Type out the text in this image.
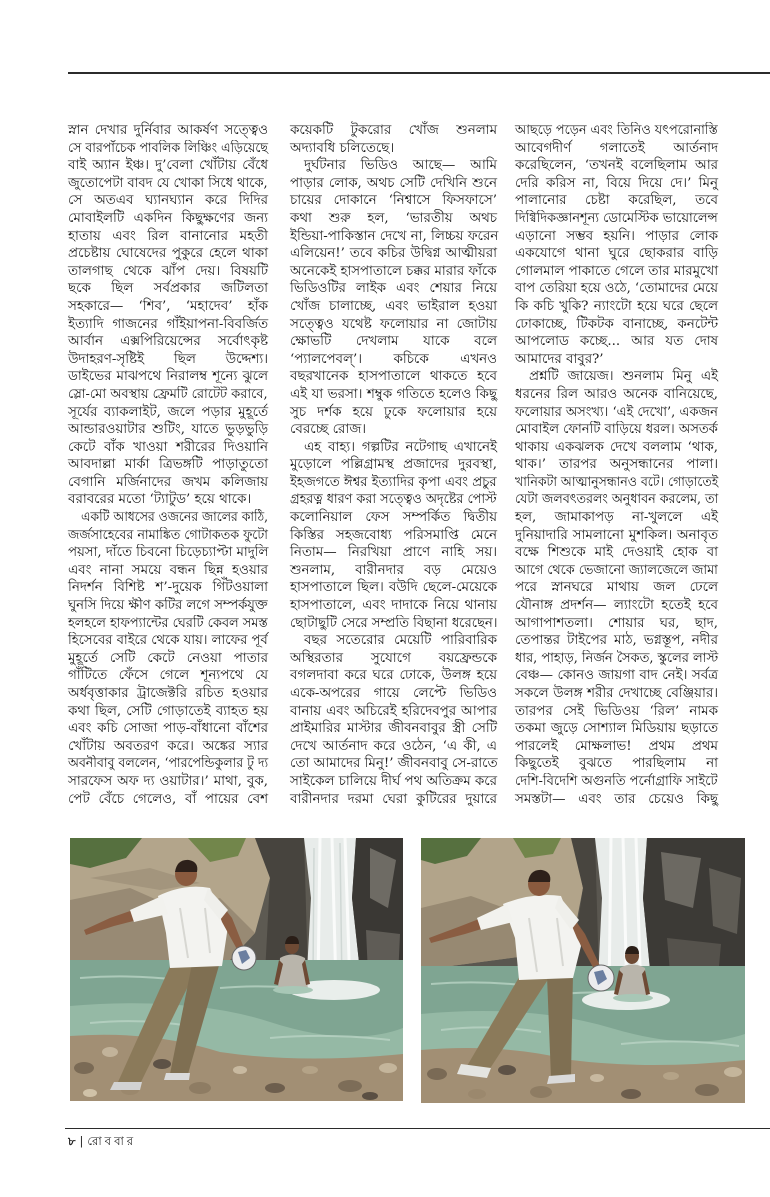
স্নান দেখার দুর্নিবার আকর্ষণ সত্ত্বেও
সে বারপাঁচেক পাবলিক লিঞ্চিং এড়িয়েছে
বাই অ্যান ইঞ্চ। দু’বেলা খোঁটায় বেঁধে
জুতোপেটা বাবদ যে খোকা সিধে থাকে,
সে অতএব ঘ্যানঘ্যান করে দিদির
মোবাইলটি একদিন কিছুক্ষণের জন্য
হাতায় এবং রিল বানানোর মহতী
প্রচেষ্টায় ঘোষেদের পুকুরে হেলে থাকা
তালগাছ থেকে ঝাঁপ দেয়। বিষয়টি
ছকে ছিল সর্বপ্রকার জটিলতা
সহকারে— ‘শিব’, ‘মহাদেব’ হাঁক
ইত্যাদি গাজনের গাঁইয়াপনা-বিবর্জিত
আর্বান এক্সপিরিয়েন্সের সর্বোৎকৃষ্ট
উদাহরণ-সৃষ্টিই ছিল উদ্দেশ্য।
ডাইভের মাঝপথে নিরালম্ব শূন্যে ঝুলে
স্লো-মো অবস্থায় ফ্রেমটি রোটেট করাবে,
সূর্যের ব্যাকলাইট, জলে পড়ার মুহূর্তে
আন্ডারওয়াটার শুটিং, যাতে ভুড়ভুড়ি
কেটে বাঁক খাওয়া শরীরের দিওয়ানি
আবদাল্লা মার্কা ত্রিভঙ্গটি পাড়াতুতো
বেগানি মর্জিনাদের জখম কলিজায়
বরাবরের মতো ‘ট্যাটুড’ হয়ে থাকে।
একটি আধসের ওজনের জালের কাঠি,
জর্জসাহেবের নামাঙ্কিত গোটাকতক ফুটো
পয়সা, দাঁতে চিবনো চিড়েচ্যাপ্টা মাদুলি
এবং নানা সময়ে বন্ধন ছিন্ন হওয়ার
নিদর্শন বিশিষ্ট শ’-দুয়েক গিঁটওয়ালা
ঘুনসি দিয়ে ক্ষীণ কটির লগে সম্পর্কযুক্ত
হলহলে হাফপ্যান্টের ঘেরটি কেবল সমস্ত
হিসেবের বাইরে থেকে যায়। লাফের পূর্ব
মুহূর্তে সেটি কেটে নেওয়া পাতার
গাঁটিতে ফেঁসে গেলে শূন্যপথে যে
অর্ধবৃত্তাকার ট্রাজেক্টরি রচিত হওয়ার
কথা ছিল, সেটি গোড়াতেই ব্যাহত হয়
এবং কচি সোজা পাড়-বাঁধানো বাঁশের
খোঁটায় অবতরণ করে। অঙ্কের স্যার
অবনীবাবু বললেন, ‘পারপেন্ডিকুলার টু দ্য
সারফেস অফ দ্য ওয়াটার।’ মাথা, বুক,
পেট বেঁচে গেলেও, বাঁ পায়ের বেশ
কয়েকটি টুকরোর খোঁজ শুনলাম
অদ্যাবধি চলিতেছে।
দুর্ঘটনার ভিডিও আছে— আমি
পাড়ার লোক, অথচ সেটি দেখিনি শুনে
চায়ের দোকানে ‘নিশ্বাসে ফিসফাসে’
কথা শুরু হল, ‘ভারতীয় অথচ
ইন্ডিয়া-পাকিস্তান দেখে না, লিচ্চয় ফরেন
এলিয়েন!’ তবে কচির উদ্বিগ্ন আত্মীয়রা
অনেকেই হাসপাতালে চক্কর মারার ফাঁকে
ভিডিওটির লাইক এবং শেয়ার নিয়ে
খোঁজ চালাচ্ছে, এবং ভাইরাল হওয়া
সত্ত্বেও যথেষ্ট ফলোয়ার না জোটায়
ক্ষোভটি দেখলাম যাকে বলে
‘প্যালপেবল্’। কচিকে এখনও
বছরখানেক হাসপাতালে থাকতে হবে
এই যা ভরসা। শম্বুক গতিতে হলেও কিছু
সুচ দর্শক হয়ে ঢুকে ফলোয়ার হয়ে
বেরচ্ছে রোজ।
এহ বাহ্য। গল্পটির নটেগাছ এখানেই
মুড়োলে পল্লিগ্রামস্থ প্রজাদের দুরবস্থা,
ইহজগতে ঈশ্বর ইত্যাদির কৃপা এবং প্রচুর
গ্রহরত্ন ধারণ করা সত্ত্বেও অদৃষ্টের পোস্ট
কলোনিয়াল ফেস সম্পর্কিত দ্বিতীয়
কিস্তির সহজবোধ্য পরিসমাপ্তি মেনে
নিতাম— নিরখিয়া প্রাণে নাহি সয়।
শুনলাম, বারীনদার বড় মেয়েও
হাসপাতালে ছিল। বউদি ছেলে-মেয়েকে
হাসপাতালে, এবং দাদাকে নিয়ে থানায়
ছোটাছুটি সেরে সম্প্রতি বিছানা ধরেছেন।
বছর সতেরোর মেয়েটি পারিবারিক
অস্থিরতার সুযোগে বয়ফ্রেন্ডকে
বগলদাবা করে ঘরে ঢোকে, উলঙ্গ হয়ে
একে-অপরের গায়ে লেপ্টে ভিডিও
বানায় এবং অচিরেই হরিদেবপুর আপার
প্রাইমারির মাস্টার জীবনবাবুর স্ত্রী সেটি
দেখে আর্তনাদ করে ওঠেন, ‘এ কী, এ
তো আমাদের মিনু!’ জীবনবাবু সে-রাতে
সাইকেল চালিয়ে দীর্ঘ পথ অতিক্রম করে
বারীনদার দরমা ঘেরা কুটিরের দুয়ারে
আছড়ে পড়েন এবং তিনিও যৎপরোনাস্তি
আবেগদীর্ণ গলাতেই আর্তনাদ
করেছিলেন, ‘তখনই বলেছিলাম আর
দেরি করিস না, বিয়ে দিয়ে দে।’ মিনু
পালানোর চেষ্টা করেছিল, তবে
দিগ্বিদিকজ্ঞানশূন্য ডোমেস্টিক ভায়োলেন্স
এড়ানো সম্ভব হয়নি। পাড়ার লোক
একযোগে থানা ঘুরে ছোকরার বাড়ি
গোলমাল পাকাতে গেলে তার মারমুখো
বাপ তেরিয়া হয়ে ওঠে, ‘তোমাদের মেয়ে
কি কচি খুকি? ন্যাংটো হয়ে ঘরে ছেলে
ঢোকাচ্ছে, টিকটক বানাচ্ছে, কনটেন্ট
আপলোড কচ্ছে... আর যত দোষ
আমাদের বাবুর?’
প্রশ্নটি জায়েজ। শুনলাম মিনু এই
ধরনের রিল আরও অনেক বানিয়েছে,
ফলোয়ার অসংখ্য। ‘এই দেখো’, একজন
মোবাইল ফোনটি বাড়িয়ে ধরল। অসতর্ক
থাকায় একঝলক দেখে বললাম ‘থাক,
থাক।’ তারপর অনুসন্ধানের পালা।
খানিকটা আত্মানুসন্ধানও বটে। গোড়াতেই
যেটা জলবৎতরলং অনুধাবন করলেম, তা
হল, জামাকাপড় না-খুললে এই
দুনিয়াদারি সামলানো মুশকিল। অনাবৃত
বক্ষে শিশুকে মাই দেওয়াই হোক বা
আগে থেকে ভেজানো জ্যালজেলে জামা
পরে স্নানঘরে মাথায় জল ঢেলে
যৌনাঙ্গ প্রদর্শন— ল্যাংটো হতেই হবে
আগাপাশতলা। শোয়ার ঘর, ছাদ,
তেপান্তর টাইপের মাঠ, ভগ্নস্তূপ, নদীর
ধার, পাহাড়, নির্জন সৈকত, স্কুলের লাস্ট
বেঞ্চ— কোনও জায়গা বাদ নেই। সর্বত্র
সকলে উলঙ্গ শরীর দেখাচ্ছে বেঞ্জিয়ার।
তারপর সেই ভিডিওয় ‘রিল’ নামক
তকমা জুড়ে সোশ্যাল মিডিয়ায় ছড়াতে
পারলেই মোক্ষলাভ! প্রথম প্রথম
কিছুতেই বুঝতে পারছিলাম না
দেশি-বিদেশি অগুনতি পর্নোগ্রাফি সাইটে
সমস্তটা— এবং তার চেয়েও কিছু
৮ | রোববার
